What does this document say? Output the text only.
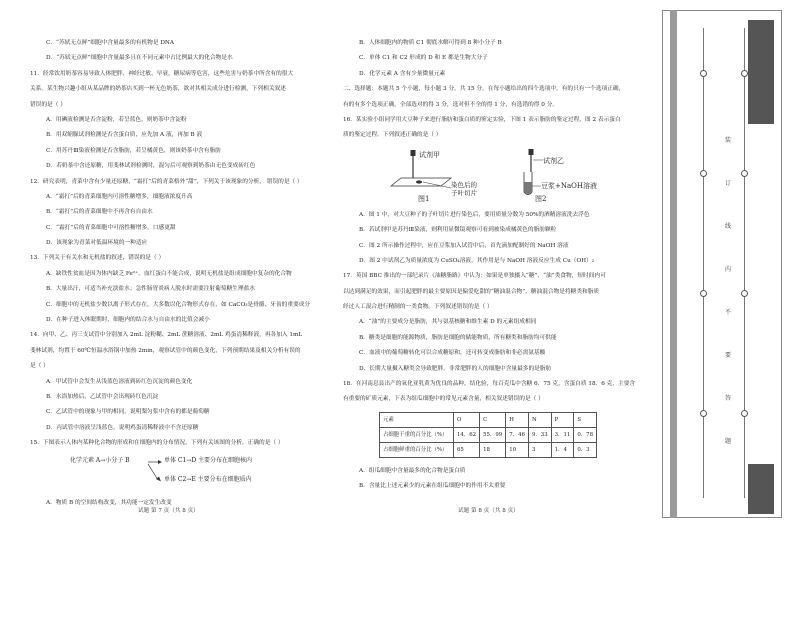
C．“苏轼无点鲜”细胞中含量最多的有机物是 DNA
D．“苏轼无点鲜”细胞中含量最多且在不同元素中占比例最大的化合物是水
11．经常饮用奶茶容易导致人体肥胖、神经过敏、早衰，糖尿病等危害，这些危害与奶茶中所含有的很大
关系。某生物兴趣小组从某品牌的奶茶店买到一杯无色奶茶，欲对其相关成分进行检测，下列相关叙述
错误的是（ ）
A．用碘液检测是否含淀粉，若呈蓝色，则奶茶中含淀粉
B．用双缩脲试剂检测是否含蛋白质，应先加 A 液，再加 B 液
C．用苏丹Ⅲ染液检测是否含脂肪，若呈橘黄色，则该奶茶中含有脂肪
D．若奶茶中含还原糖，用斐林试剂检测时，混匀后可观察到奶茶由无色变成砖红色
12．研究表明，青菜中含有少量还原糖，“霜打”后的青菜格外“甜”，下列关于该现象的分析， 错误的是（ ）
A．“霜打”后的青菜细胞内可溶性糖增多，细胞液浓度升高
B．“霜打”后的青菜细胞中不再含有自由水
C．“霜打”后的青菜细胞中可溶性糖增多，口感更甜
D．该现象为青菜对低温环境的一种适应
13．下列关于有关水和无机盐的叙述，错误的是（ ）
A．缺铁性贫血是因为体内缺乏 Fe²⁺，血红蛋白不能合成，说明无机盐是组成细胞中复杂的化合物
B．大量出汗，可适当补充淡盐水；急性肠胃炎病人脱水时需要注射葡萄糖生理盐水
C．细胞中的无机盐少数以离子形式存在，大多数以化合物形式存在，如 CaCO₃是骨骼、牙齿的重要成分
D．在种子进入休眠期时，细胞内的结合水与自由水的比值会减小
14．向甲、乙、丙三支试管中分别加入 2mL 淀粉糊、2mL 蔗糖溶液、2mL 鸡蛋清稀释液，再各加入 1mL
斐林试剂，均置于 60℃恒温水浴锅中加热 2min，观察试管中的颜色变化，下列预期结果及相关分析有误的
是（ ）
A．甲试管中会发生从浅蓝色溶液到砖红色沉淀的颜色变化
B．水浴加热后，乙试管中会出现砖红色沉淀
C．乙试管中的现象与甲的相同，说明梨匀浆中含有的都是葡萄糖
D．丙试管中溶液呈浅蓝色，说明鸡蛋清稀释液中不含还原糖
15．下图表示人体内某种化合物的形成和在细胞内的分布情况，下列有关该图的分析，正确的是（ ）
化学元素 A→小分子 B	单体 C1→D 主要分布在细胞核内
单体 C2→E 主要分布在细胞质内
A．物质 B 的空间结构改变，其功能一定发生改变
试题 第 7 页（共 8 页）
B．人体细胞内的物质 C1 彻底水解可得到 8 种小分子 B
C．单体 C1 和 C2 形成的 D 和 E 都是生物大分子
D．化学元素 A 含有少量微量元素
二、选择题：本题共 5 个小题，每小题 3 分，共 15 分。在每小题给出的四个选项中，有的只有一个选项正确，
有的有多个选项正确，全部选对的得 3 分，选对但不全的得 1 分，有选错的得 0 分。
16．某实验小组同学用大豆种子来进行脂肪和蛋白质的鉴定实验，下图 1 表示脂肪的鉴定过程，图 2 表示蛋白
质的鉴定过程。下列叙述正确的是（ ）
试剂甲
染色后的
子叶切片
图1
试剂乙
豆浆+NaOH溶液
图2
A．图 1 中，对大豆种子的子叶切片进行染色后，要用质量分数为 50%的酒精溶液洗去浮色
B．若试剂甲是苏丹Ⅲ染液，则利用显微镜观察可看到被染成橘黄色的脂肪颗粒
C．图 2 所示操作过程中，应在豆浆加入试管中后，首先滴加配制好的 NaOH 溶液
D．图 2 中试剂乙为质量浓度为 CuSO₄溶液，其作用是与 NaOH 溶液反应生成 Cu（OH）₂
17．英国 BBC 推出的一部纪录片《油糖脂路》中认为：如果是单独摄入“糖”、“油”类食物，短时间内可
以达到满足的效果，而引起肥胖的最主要原因是偏爱吃甜的“糖油混合物”，糖油混合物是将糖类和脂质
经过人工混合进行精制的一类食物。下列叙述错误的是（ ）
A．“油”的主要成分是脂肪，其与氨基核糖和维生素 D 的元素组成相同
B．糖类是细胞的能源物质，脂肪是细胞的储能物质，所有糖类和脂肪均可供能
C．血液中的葡萄糖转化可以合成糖原和，还可转变成脂肪和非必需氨基酸
D．长期大量摄入糖类会导致肥胖，非常肥胖的人的细胞中含量最多的是脂肪
18．在河南息县出产的氧化亚乳黄为优良的品种，结化验，每百克瓜中含糖 6．75 克，含蛋白质 18．6 克，主要含
有重要的矿质元素，下表为组瓜细胞中的常见元素含量，相关叙述错误的是（ ）
元素	O	C	H	N	P	S
占细胞干重的百分比（%）	14．62	55．99	7．46	9．33	3．11	0．78
占细胞鲜重的百分比（%）	65	18	10	3	1．4	0．3
A．组瓜细胞中含量最多的化合物是蛋白质
B．含量比上述元素少的元素在组瓜细胞中的作用不太重要
试题 第 8 页（共 8 页）
装
订
线
内
不
要
答
题
